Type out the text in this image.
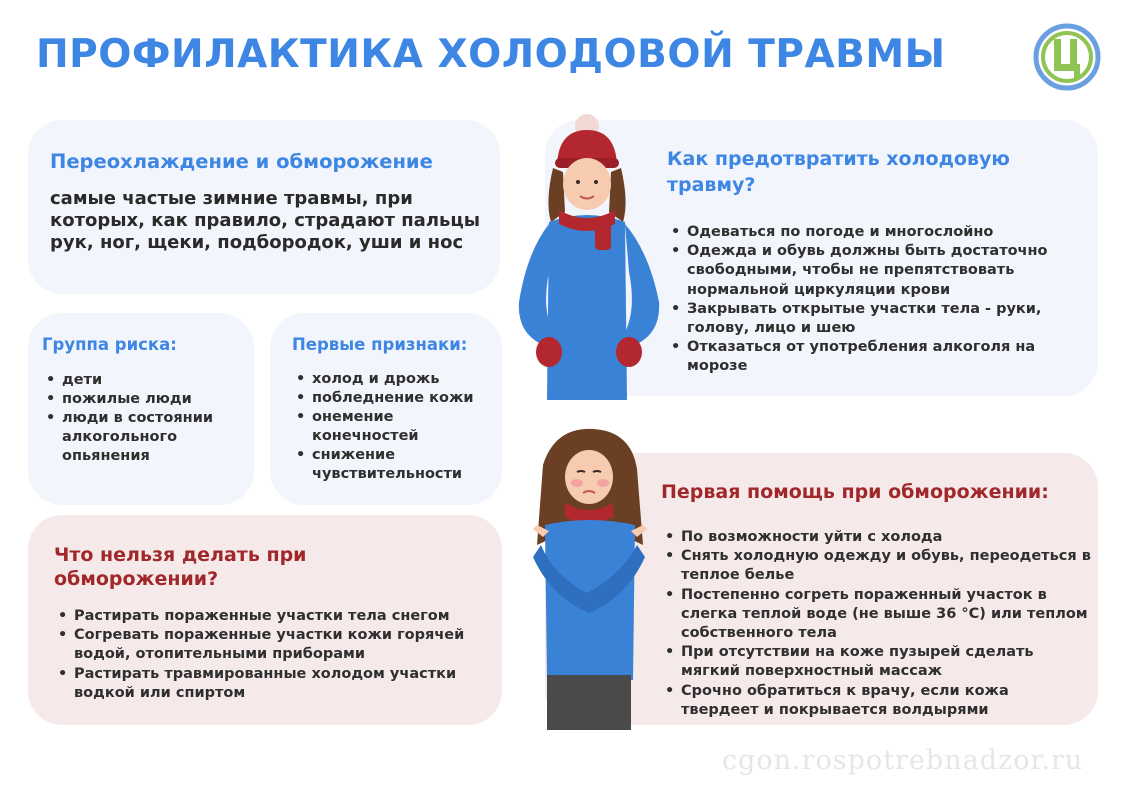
ПРОФИЛАКТИКА ХОЛОДОВОЙ ТРАВМЫ
Переохлаждение и обморожение

самые частые зимние травмы, при которых, как правило, страдают пальцы рук, ног, щеки, подбородок, уши и нос

Группа риска:
• дети
• пожилые люди
• люди в состоянии алкогольного опьянения
Первые признаки:
• холод и дрожь
• побледнение кожи
• онемение конечностей
• снижение чувствительности
Как предотвратить холодовую травму?
• Одеваться по погоде и многослойно
• Одежда и обувь должны быть достаточно свободными, чтобы не препятствовать нормальной циркуляции крови
• Закрывать открытые участки тела - руки, голову, лицо и шею
• Отказаться от употребления алкоголя на морозе
Что нельзя делать при обморожении?
• Растирать пораженные участки тела снегом
• Согревать пораженные участки кожи горячей водой, отопительными приборами
• Растирать травмированные холодом участки водкой или спиртом
Первая помощь при обморожении:
• По возможности уйти с холода
• Снять холодную одежду и обувь, переодеться в теплое белье
• Постепенно согреть пораженный участок в слегка теплой воде (не выше 36 °С) или теплом собственного тела
• При отсутствии на коже пузырей сделать мягкий поверхностный массаж
• Срочно обратиться к врачу, если кожа твердеет и покрывается волдырями
cgon.rospotrebnadzor.ru
